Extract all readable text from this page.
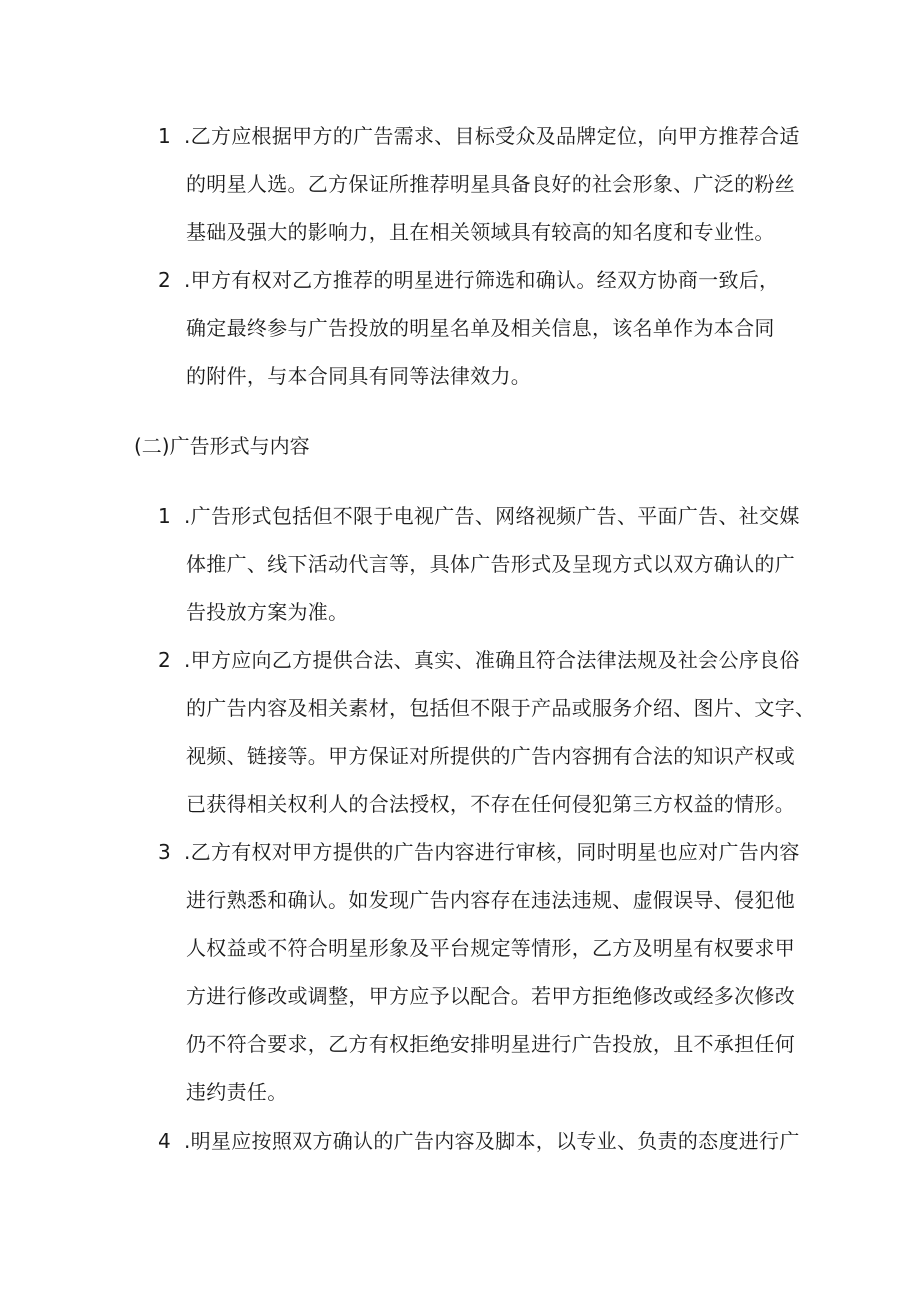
1 .乙方应根据甲方的广告需求、目标受众及品牌定位，向甲方推荐合适
的明星人选。乙方保证所推荐明星具备良好的社会形象、广泛的粉丝
基础及强大的影响力，且在相关领域具有较高的知名度和专业性。
2 .甲方有权对乙方推荐的明星进行筛选和确认。经双方协商一致后，
确定最终参与广告投放的明星名单及相关信息，该名单作为本合同
的附件，与本合同具有同等法律效力。
(二)广告形式与内容
1 .广告形式包括但不限于电视广告、网络视频广告、平面广告、社交媒
体推广、线下活动代言等，具体广告形式及呈现方式以双方确认的广
告投放方案为准。
2 .甲方应向乙方提供合法、真实、准确且符合法律法规及社会公序良俗
的广告内容及相关素材，包括但不限于产品或服务介绍、图片、文字、
视频、链接等。甲方保证对所提供的广告内容拥有合法的知识产权或
已获得相关权利人的合法授权，不存在任何侵犯第三方权益的情形。
3 .乙方有权对甲方提供的广告内容进行审核，同时明星也应对广告内容
进行熟悉和确认。如发现广告内容存在违法违规、虚假误导、侵犯他
人权益或不符合明星形象及平台规定等情形，乙方及明星有权要求甲
方进行修改或调整，甲方应予以配合。若甲方拒绝修改或经多次修改
仍不符合要求，乙方有权拒绝安排明星进行广告投放，且不承担任何
违约责任。
4 .明星应按照双方确认的广告内容及脚本，以专业、负责的态度进行广
